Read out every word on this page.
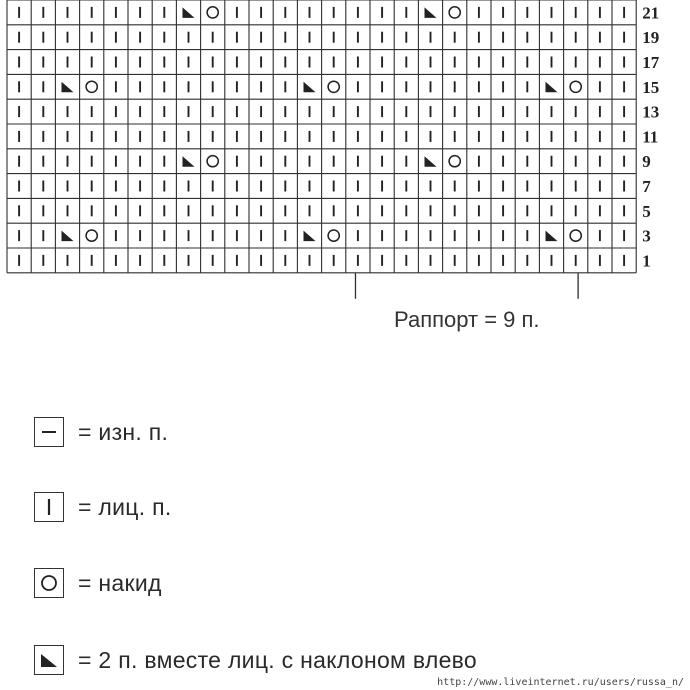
21
19
17
15
13
11
9
7
5
3
1
Раппорт = 9 п.
= изн. п.
= лиц. п.
= накид
= 2 п. вместе лиц. с наклоном влево
http://www.liveinternet.ru/users/russa_n/
